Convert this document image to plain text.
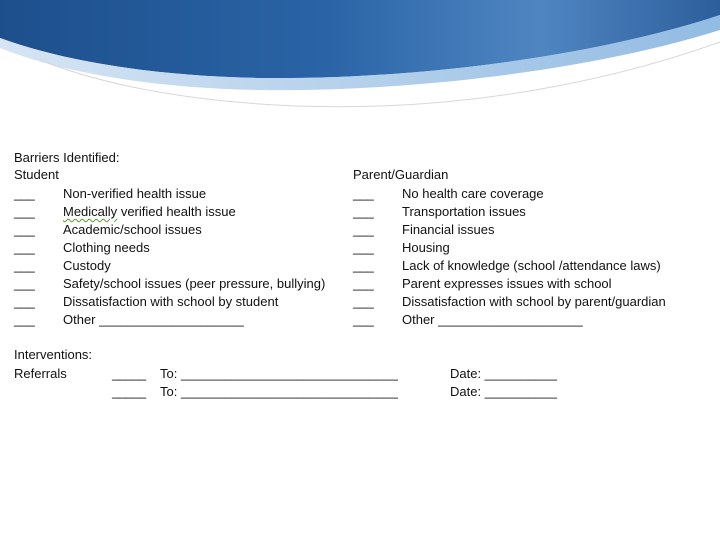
Barriers Identified:
Student	Parent/Guardian
___ Non-verified health issue
___ Medically verified health issue
___ Academic/school issues
___ Clothing needs
___ Custody
___ Safety/school issues (peer pressure, bullying)
___ Dissatisfaction with school by student
___ Other ____________________
___ No health care coverage
___ Transportation issues
___ Financial issues
___ Housing
___ Lack of knowledge (school /attendance laws)
___ Parent expresses issues with school
___ Dissatisfaction with school by parent/guardian
___ Other ____________________
Interventions:
Referrals	_____ To: ______________________________	Date: __________
_____ To: ______________________________	Date: __________
